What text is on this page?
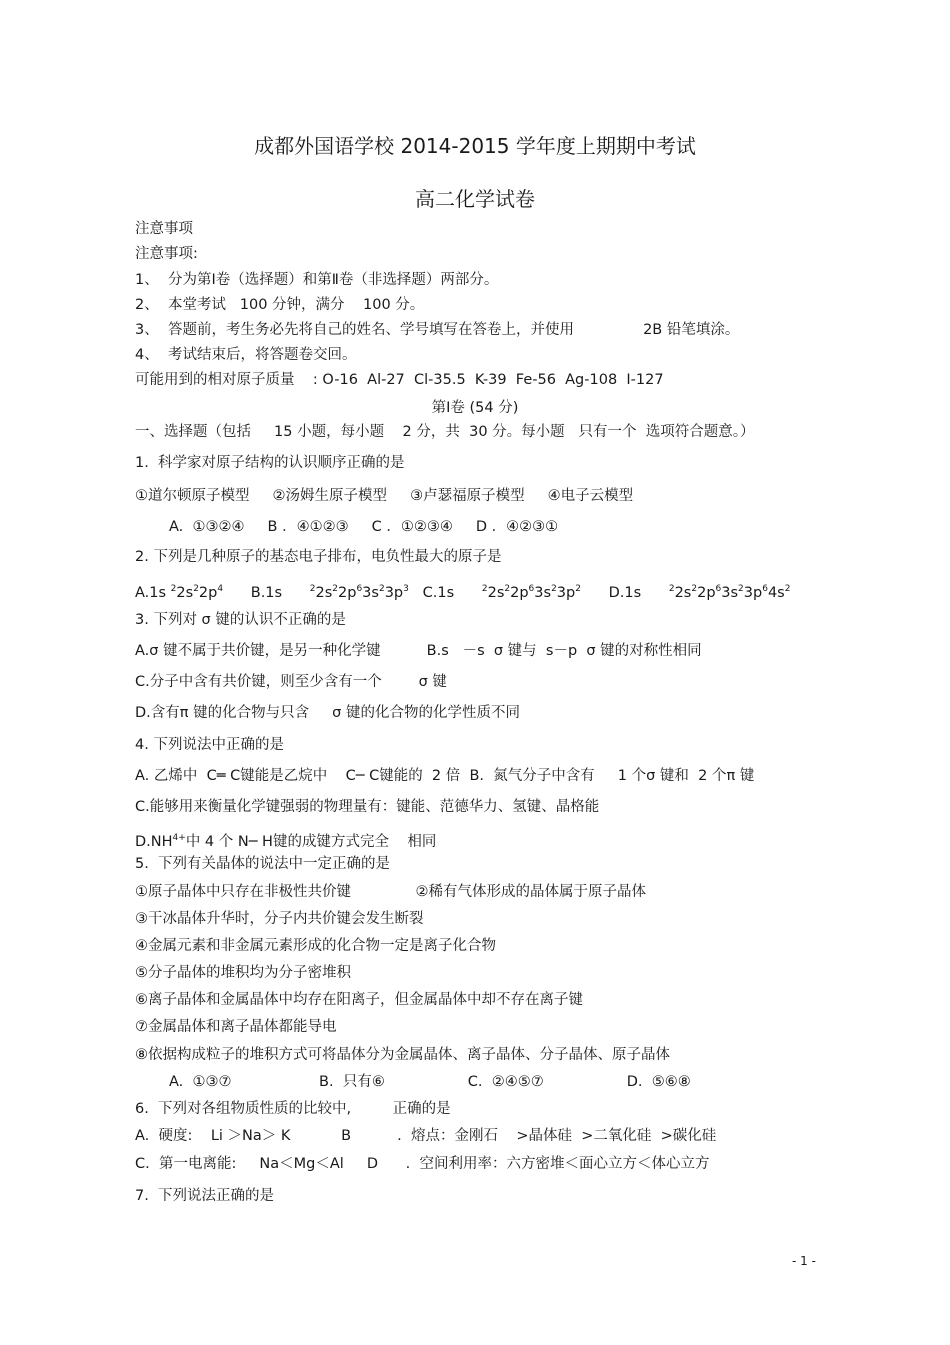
成都外国语学校 2014-2015 学年度上期期中考试
高二化学试卷
注意事项
注意事项:
1、  分为第Ⅰ卷（选择题）和第Ⅱ卷（非选择题）两部分。
2、  本堂考试   100 分钟，满分    100 分。
3、  答题前，考生务必先将自己的姓名、学号填写在答卷上，并使用               2B 铅笔填涂。
4、  考试结束后，将答题卷交回。
可能用到的相对原子质量    : O-16  Al-27  Cl-35.5  K-39  Fe-56  Ag-108  I-127
第Ⅰ卷 (54 分)
一、选择题（包括     15 小题，每小题    2 分，共  30 分。每小题   只有一个  选项符合题意。）
1.  科学家对原子结构的认识顺序正确的是
①道尔顿原子模型     ②汤姆生原子模型     ③卢瑟福原子模型     ④电子云模型
A.  ①③②④     B ．④①②③     C ．①②③④     D ．④②③①
2. 下列是几种原子的基态电子排布，电负性最大的原子是
A.1s $^22s^22p^4$      B.1s      $^22s^22p^63s^23p^3$   C.1s      $^22s^22p^63s^23p^2$      D.1s      $^22s^22p^63s^23p^64s^2$
3. 下列对 σ 键的认识不正确的是
A.σ 键不属于共价键，是另一种化学键          B.s   －s  σ 键与  s－p  σ 键的对称性相同
C.分子中含有共价键，则至少含有一个        σ 键
D.含有π 键的化合物与只含     σ 键的化合物的化学性质不同
4. 下列说法中正确的是
A. 乙烯中  C═ C键能是乙烷中    C─ C键能的  2 倍  B.  氮气分子中含有     1 个σ 键和  2 个π 键
C.能够用来衡量化学键强弱的物理量有：键能、范德华力、氢键、晶格能
$D.NH^{4+}$中 4 个 N─ H键的成键方式完全    相同
5.  下列有关晶体的说法中一定正确的是
①原子晶体中只存在非极性共价键              ②稀有气体形成的晶体属于原子晶体
③干冰晶体升华时，分子内共价键会发生断裂
④金属元素和非金属元素形成的化合物一定是离子化合物
⑤分子晶体的堆积均为分子密堆积
⑥离子晶体和金属晶体中均存在阳离子，但金属晶体中却不存在离子键
⑦金属晶体和离子晶体都能导电
⑧依据构成粒子的堆积方式可将晶体分为金属晶体、离子晶体、分子晶体、原子晶体
A.  ①③⑦                   B.  只有⑥                  C.  ②④⑤⑦                  D.  ⑤⑥⑧
6.  下列对各组物质性质的比较中,         正确的是
A.  硬度:    Li ＞Na＞ K           B          .  熔点：金刚石    >晶体硅  >二氧化硅  >碳化硅
C.  第一电离能:     Na＜Mg＜Al     D      .  空间利用率：六方密堆＜面心立方＜体心立方
7.  下列说法正确的是
- 1 -
